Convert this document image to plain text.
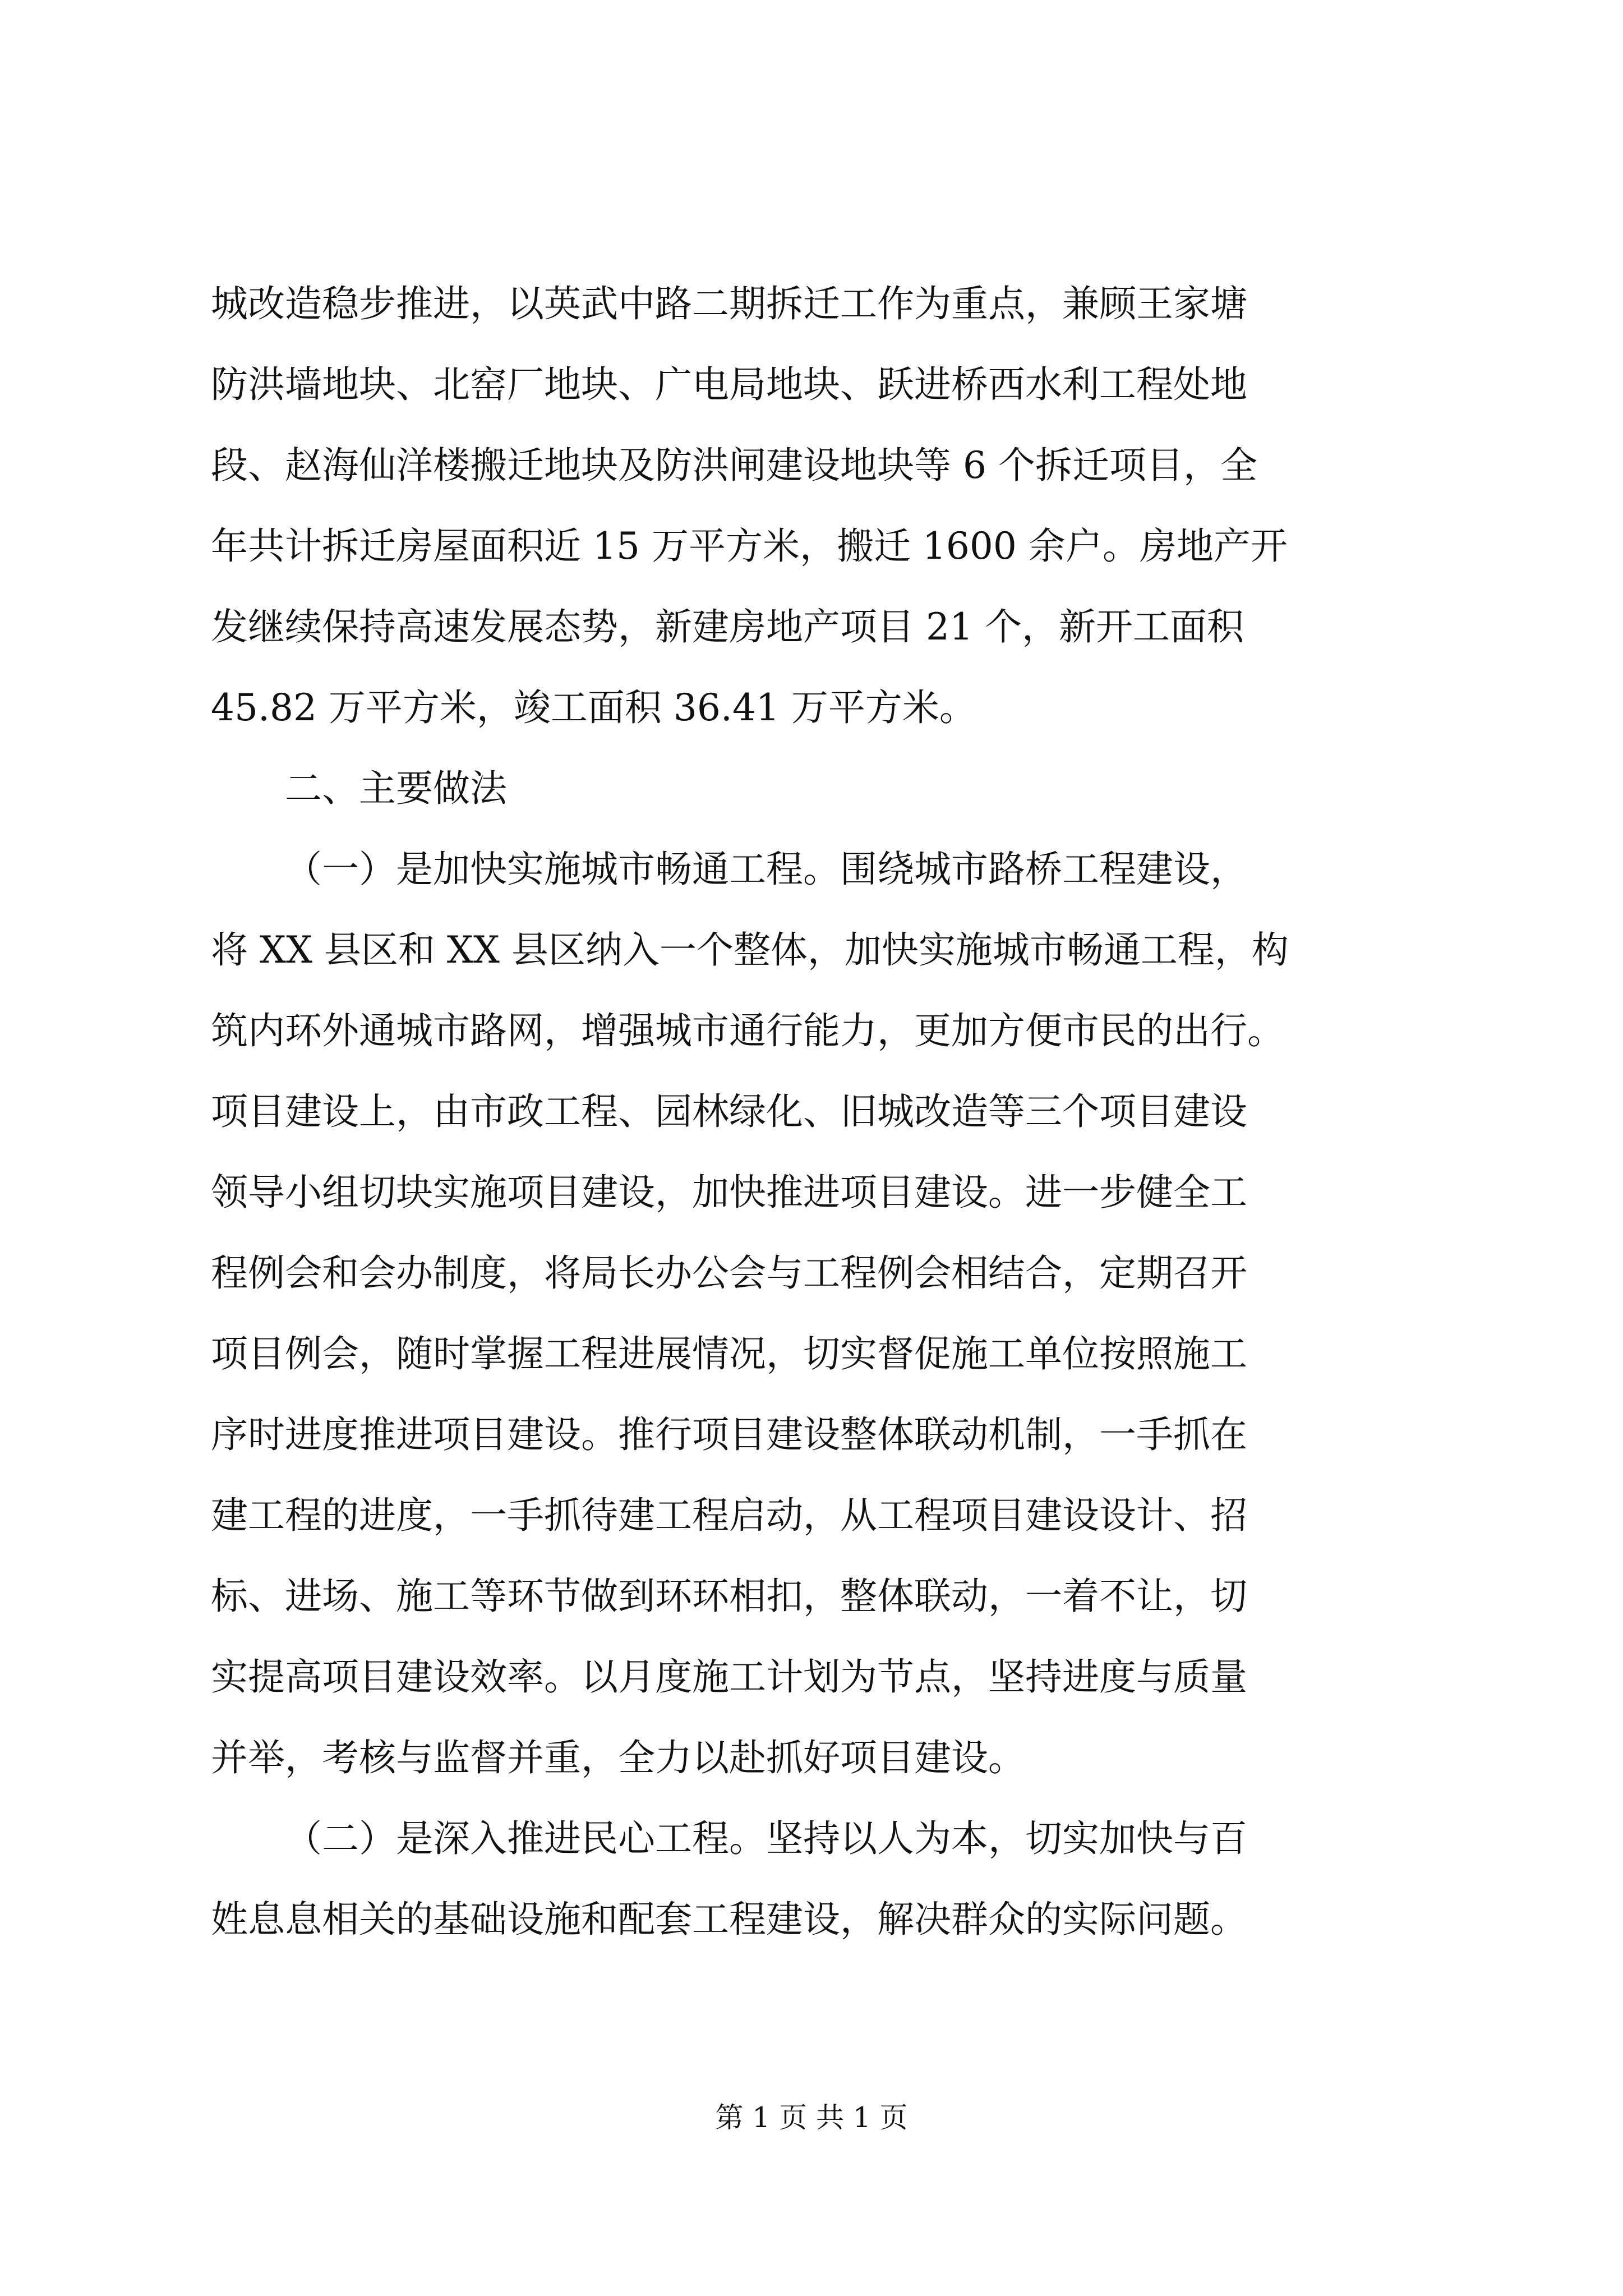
城改造稳步推进，以英武中路二期拆迁工作为重点，兼顾王家塘
防洪墙地块、北窑厂地块、广电局地块、跃进桥西水利工程处地
段、赵海仙洋楼搬迁地块及防洪闸建设地块等 6 个拆迁项目，全
年共计拆迁房屋面积近 15 万平方米，搬迁 1600 余户。房地产开
发继续保持高速发展态势，新建房地产项目 21 个，新开工面积
45.82 万平方米，竣工面积 36.41 万平方米。
二、主要做法
（一）是加快实施城市畅通工程。围绕城市路桥工程建设，
将 XX 县区和 XX 县区纳入一个整体，加快实施城市畅通工程，构
筑内环外通城市路网，增强城市通行能力，更加方便市民的出行。
项目建设上，由市政工程、园林绿化、旧城改造等三个项目建设
领导小组切块实施项目建设，加快推进项目建设。进一步健全工
程例会和会办制度，将局长办公会与工程例会相结合，定期召开
项目例会，随时掌握工程进展情况，切实督促施工单位按照施工
序时进度推进项目建设。推行项目建设整体联动机制，一手抓在
建工程的进度，一手抓待建工程启动，从工程项目建设设计、招
标、进场、施工等环节做到环环相扣，整体联动，一着不让，切
实提高项目建设效率。以月度施工计划为节点，坚持进度与质量
并举，考核与监督并重，全力以赴抓好项目建设。
（二）是深入推进民心工程。坚持以人为本，切实加快与百
姓息息相关的基础设施和配套工程建设，解决群众的实际问题。
第 1 页 共 1 页
